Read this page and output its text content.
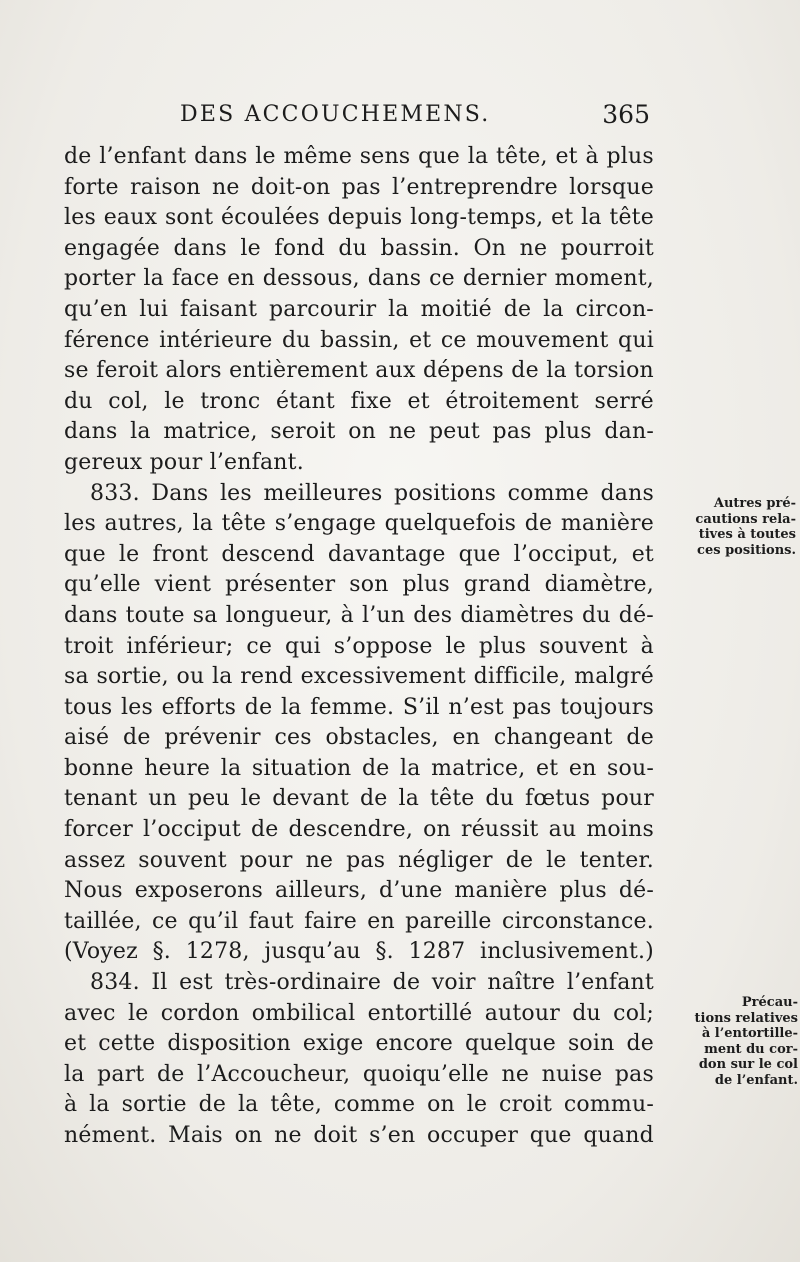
DES ACCOUCHEMENS.	365
de l’enfant dans le même sens que la tête, et à plus
forte raison ne doit-on pas l’entreprendre lorsque
les eaux sont écoulées depuis long-temps, et la tête
engagée dans le fond du bassin. On ne pourroit
porter la face en dessous, dans ce dernier moment,
qu’en lui faisant parcourir la moitié de la circon-
férence intérieure du bassin, et ce mouvement qui
se feroit alors entièrement aux dépens de la torsion
du col, le tronc étant fixe et étroitement serré
dans la matrice, seroit on ne peut pas plus dan-
gereux pour l’enfant.
833. Dans les meilleures positions comme dans
les autres, la tête s’engage quelquefois de manière
que le front descend davantage que l’occiput, et
qu’elle vient présenter son plus grand diamètre,
dans toute sa longueur, à l’un des diamètres du dé-
troit inférieur; ce qui s’oppose le plus souvent à
sa sortie, ou la rend excessivement difficile, malgré
tous les efforts de la femme. S’il n’est pas toujours
aisé de prévenir ces obstacles, en changeant de
bonne heure la situation de la matrice, et en sou-
tenant un peu le devant de la tête du fœtus pour
forcer l’occiput de descendre, on réussit au moins
assez souvent pour ne pas négliger de le tenter.
Nous exposerons ailleurs, d’une manière plus dé-
taillée, ce qu’il faut faire en pareille circonstance.
(Voyez §. 1278, jusqu’au §. 1287 inclusivement.)
834. Il est très-ordinaire de voir naître l’enfant
avec le cordon ombilical entortillé autour du col;
et cette disposition exige encore quelque soin de
la part de l’Accoucheur, quoiqu’elle ne nuise pas
à la sortie de la tête, comme on le croit commu-
nément. Mais on ne doit s’en occuper que quand
Autres pré-
cautions rela-
tives à toutes
ces positions.
Précau-
tions relatives
à l’entortille-
ment du cor-
don sur le col
de l’enfant.
